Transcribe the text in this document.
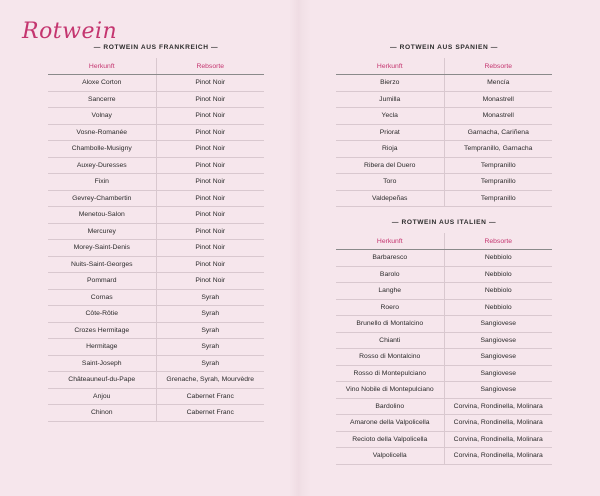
Rotwein
— ROTWEIN AUS FRANKREICH —
Herkunft	Rebsorte
Aloxe Corton	Pinot Noir
Sancerre	Pinot Noir
Volnay	Pinot Noir
Vosne-Romanée	Pinot Noir
Chambolle-Musigny	Pinot Noir
Auxey-Duresses	Pinot Noir
Fixin	Pinot Noir
Gevrey-Chambertin	Pinot Noir
Menetou-Salon	Pinot Noir
Mercurey	Pinot Noir
Morey-Saint-Denis	Pinot Noir
Nuits-Saint-Georges	Pinot Noir
Pommard	Pinot Noir
Cornas	Syrah
Côte-Rôtie	Syrah
Crozes Hermitage	Syrah
Hermitage	Syrah
Saint-Joseph	Syrah
Châteauneuf-du-Pape	Grenache, Syrah, Mourvèdre
Anjou	Cabernet Franc
Chinon	Cabernet Franc
— ROTWEIN AUS SPANIEN —
Herkunft	Rebsorte
Bierzo	Mencía
Jumilla	Monastrell
Yecla	Monastrell
Priorat	Garnacha, Cariñena
Rioja	Tempranillo, Garnacha
Ribera del Duero	Tempranillo
Toro	Tempranillo
Valdepeñas	Tempranillo
— ROTWEIN AUS ITALIEN —
Herkunft	Rebsorte
Barbaresco	Nebbiolo
Barolo	Nebbiolo
Langhe	Nebbiolo
Roero	Nebbiolo
Brunello di Montalcino	Sangiovese
Chianti	Sangiovese
Rosso di Montalcino	Sangiovese
Rosso di Montepulciano	Sangiovese
Vino Nobile di Montepulciano	Sangiovese
Bardolino	Corvina, Rondinella, Molinara
Amarone della Valpolicella	Corvina, Rondinella, Molinara
Recioto della Valpolicella	Corvina, Rondinella, Molinara
Valpolicella	Corvina, Rondinella, Molinara
